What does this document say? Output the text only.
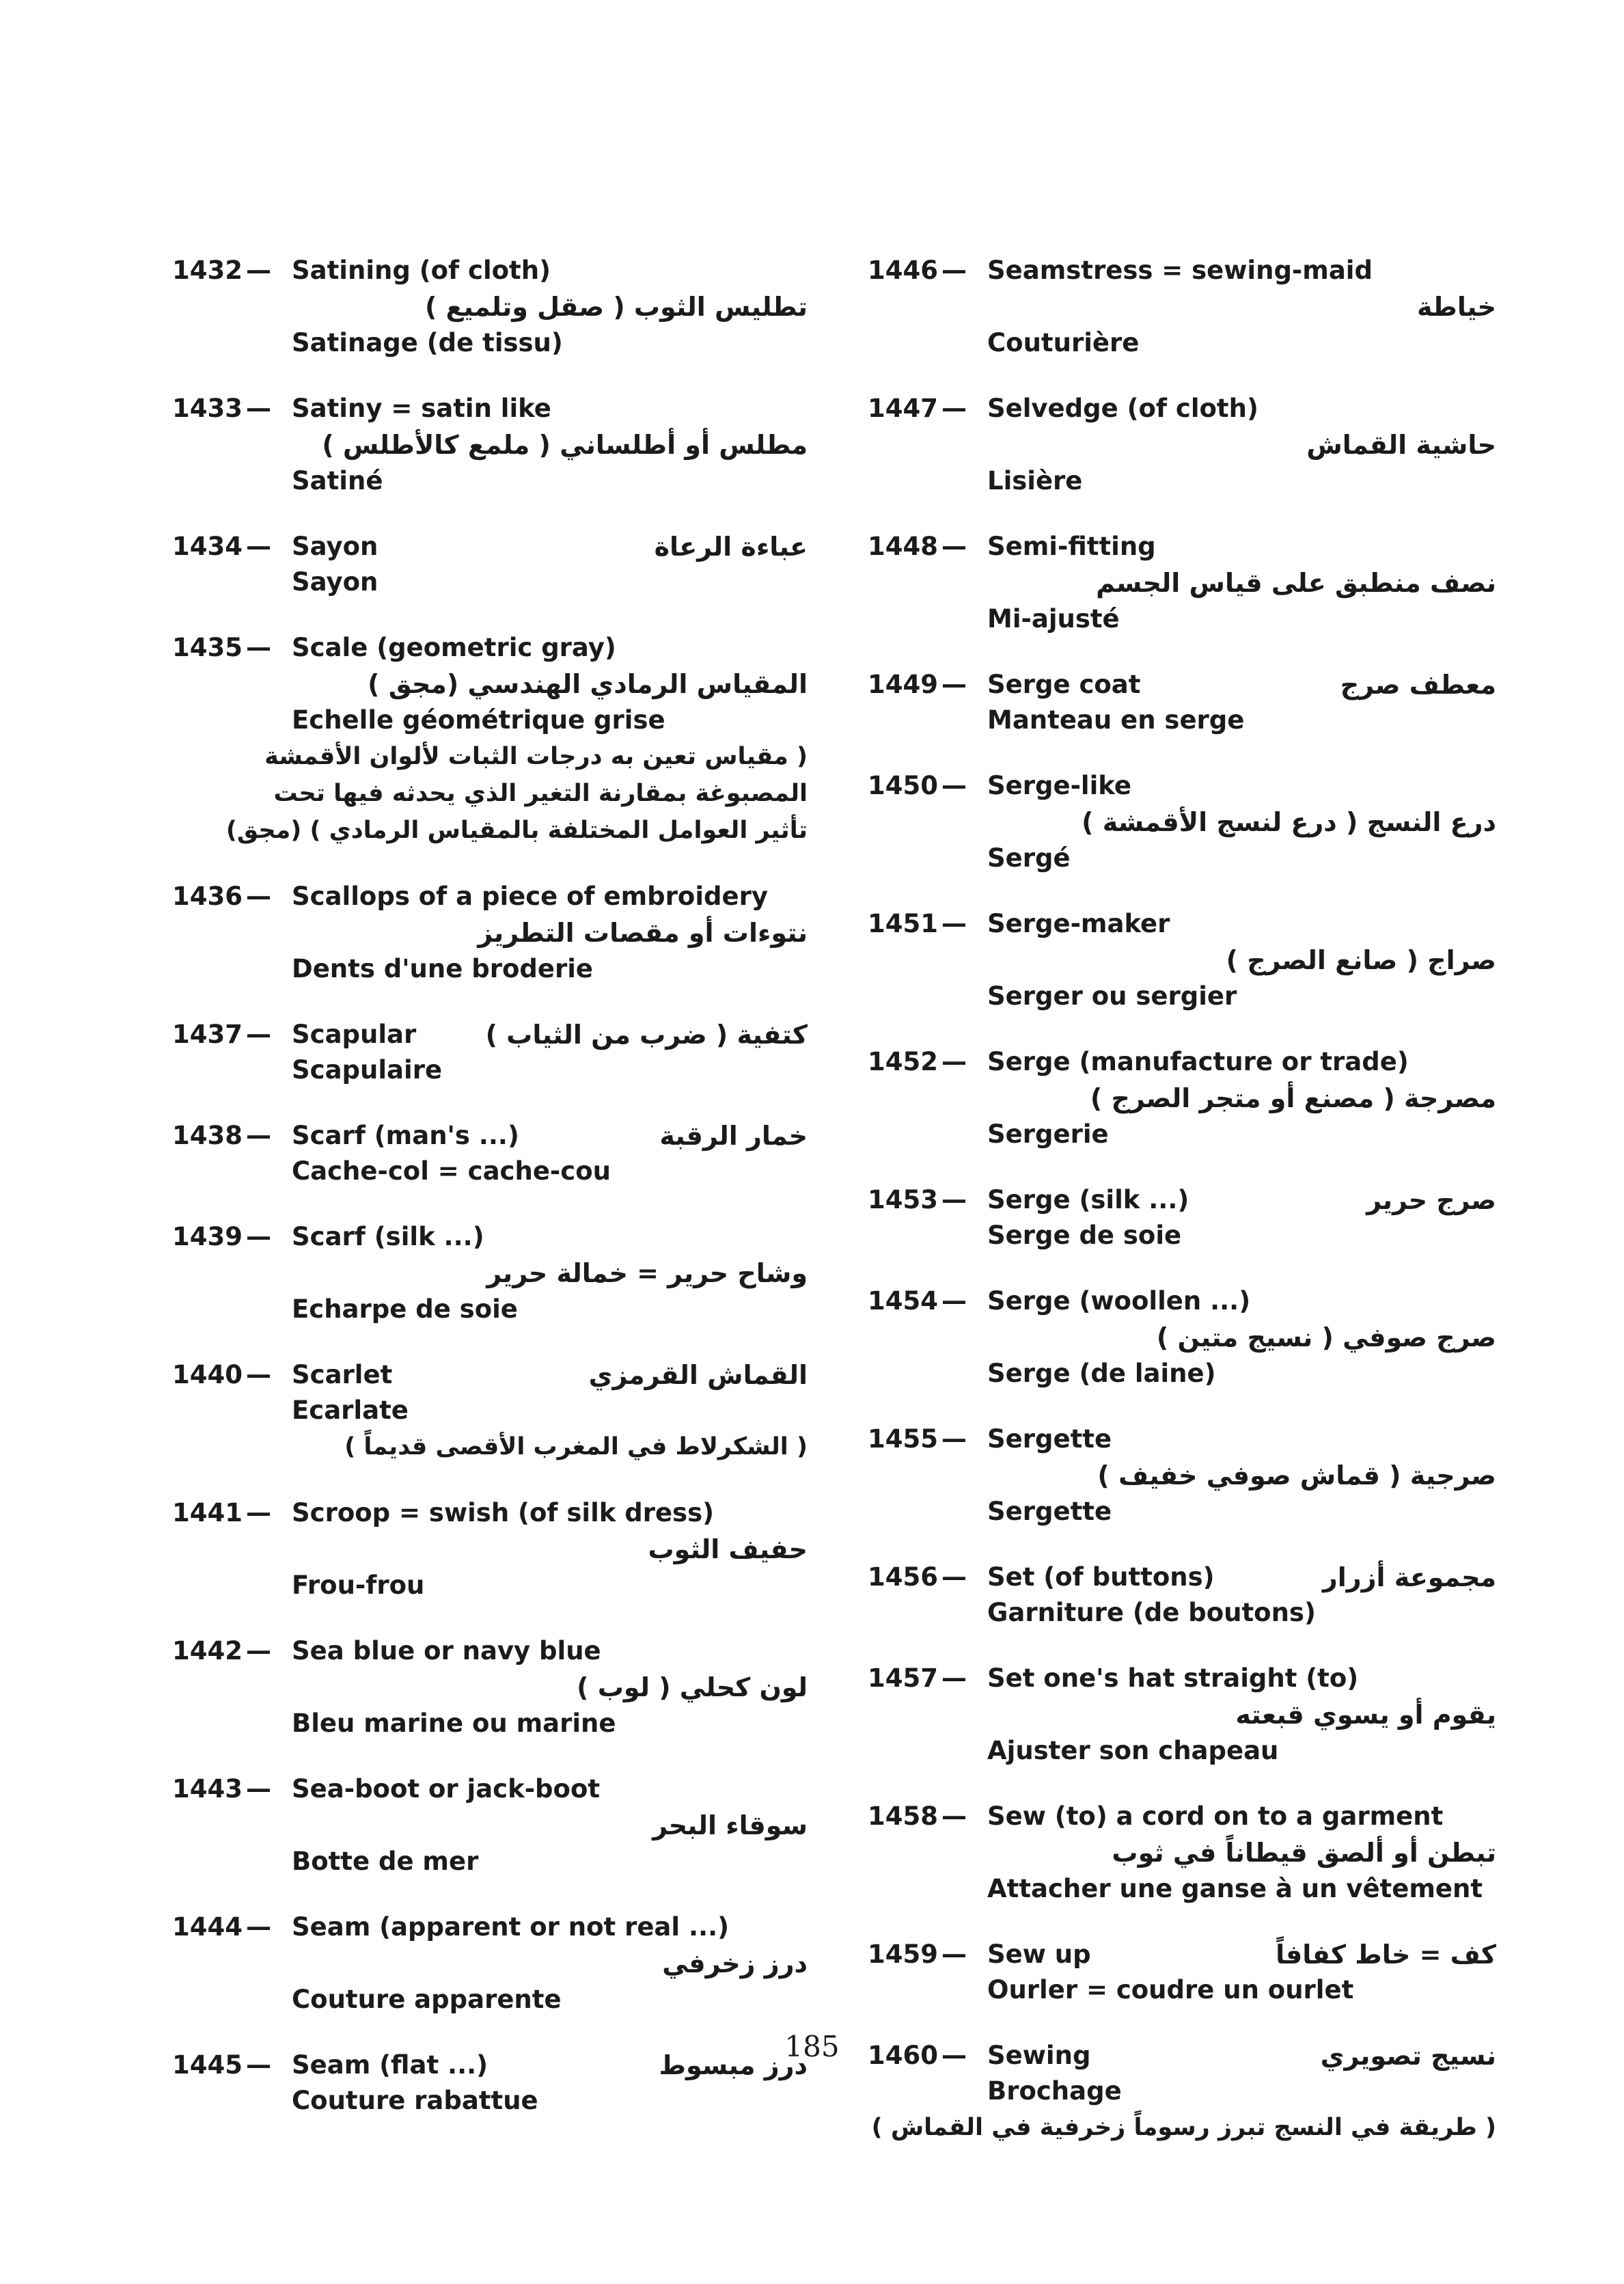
1432 — Satining (of cloth)
تطليس الثوب ( صقل وتلميع )
Satinage (de tissu)
1433 — Satiny = satin like
مطلس أو أطلساني ( ملمع كالأطلس )
Satiné
1434 — Sayon	عباءة الرعاة
Sayon
1435 — Scale (geometric gray)
المقياس الرمادي الهندسي (مجق )
Echelle géométrique grise
( مقياس تعين به درجات الثبات لألوان الأقمشة
المصبوغة بمقارنة التغير الذي يحدثه فيها تحت
تأثير العوامل المختلفة بالمقياس الرمادي ) (مجق)
1436 — Scallops of a piece of embroidery
نتوءات أو مقصات التطريز
Dents d'une broderie
1437 — Scapular	كتفية ( ضرب من الثياب )
Scapulaire
1438 — Scarf (man's ...)	خمار الرقبة
Cache-col = cache-cou
1439 — Scarf (silk ...)
وشاح حرير = خمالة حرير
Echarpe de soie
1440 — Scarlet	القماش القرمزي
Ecarlate
( الشكرلاط في المغرب الأقصى قديماً )
1441 — Scroop = swish (of silk dress)
حفيف الثوب
Frou-frou
1442 — Sea blue or navy blue
لون كحلي ( لوب )
Bleu marine ou marine
1443 — Sea-boot or jack-boot
سوقاء البحر
Botte de mer
1444 — Seam (apparent or not real ...)
درز زخرفي
Couture apparente
1445 — Seam (flat ...)	درز مبسوط
Couture rabattue
1446 — Seamstress = sewing-maid
خياطة
Couturière
1447 — Selvedge (of cloth)
حاشية القماش
Lisière
1448 — Semi-fitting
نصف منطبق على قياس الجسم
Mi-ajusté
1449 — Serge coat	معطف صرج
Manteau en serge
1450 — Serge-like
درع النسج ( درع لنسج الأقمشة )
Sergé
1451 — Serge-maker
صراج ( صانع الصرج )
Serger ou sergier
1452 — Serge (manufacture or trade)
مصرجة ( مصنع أو متجر الصرج )
Sergerie
1453 — Serge (silk ...)	صرج حرير
Serge de soie
1454 — Serge (woollen ...)
صرج صوفي ( نسيج متين )
Serge (de laine)
1455 — Sergette
صرجية ( قماش صوفي خفيف )
Sergette
1456 — Set (of buttons)	مجموعة أزرار
Garniture (de boutons)
1457 — Set one's hat straight (to)
يقوم أو يسوي قبعته
Ajuster son chapeau
1458 — Sew (to) a cord on to a garment
تبطن أو ألصق قيطاناً في ثوب
Attacher une ganse à un vêtement
1459 — Sew up	كف = خاط كفافاً
Ourler = coudre un ourlet
1460 — Sewing	نسيج تصويري
Brochage
( طريقة في النسج تبرز رسوماً زخرفية في القماش )
185
